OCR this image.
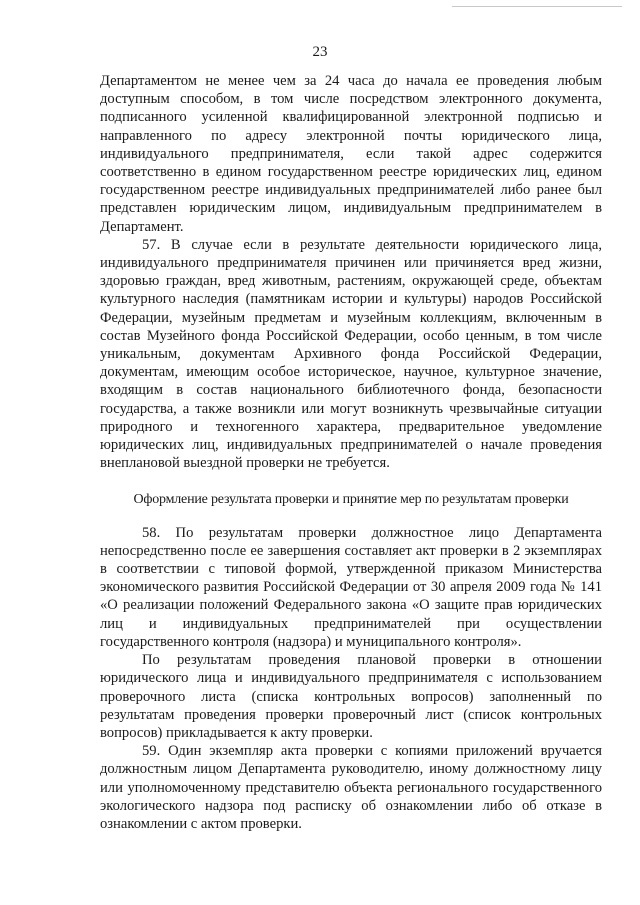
23

Департаментом не менее чем за 24 часа до начала ее проведения любым доступным способом, в том числе посредством электронного документа, подписанного усиленной квалифицированной электронной подписью и направленного по адресу электронной почты юридического лица, индивидуального предпринимателя, если такой адрес содержится соответственно в едином государственном реестре юридических лиц, едином государственном реестре индивидуальных предпринимателей либо ранее был представлен юридическим лицом, индивидуальным предпринимателем в Департамент.

57. В случае если в результате деятельности юридического лица, индивидуального предпринимателя причинен или причиняется вред жизни, здоровью граждан, вред животным, растениям, окружающей среде, объектам культурного наследия (памятникам истории и культуры) народов Российской Федерации, музейным предметам и музейным коллекциям, включенным в состав Музейного фонда Российской Федерации, особо ценным, в том числе уникальным, документам Архивного фонда Российской Федерации, документам, имеющим особое историческое, научное, культурное значение, входящим в состав национального библиотечного фонда, безопасности государства, а также возникли или могут возникнуть чрезвычайные ситуации природного и техногенного характера, предварительное уведомление юридических лиц, индивидуальных предпринимателей о начале проведения внеплановой выездной проверки не требуется.

Оформление результата проверки и принятие мер по результатам проверки

58. По результатам проверки должностное лицо Департамента непосредственно после ее завершения составляет акт проверки в 2 экземплярах в соответствии с типовой формой, утвержденной приказом Министерства экономического развития Российской Федерации от 30 апреля 2009 года № 141 «О реализации положений Федерального закона «О защите прав юридических лиц и индивидуальных предпринимателей при осуществлении государственного контроля (надзора) и муниципального контроля».

По результатам проведения плановой проверки в отношении юридического лица и индивидуального предпринимателя с использованием проверочного листа (списка контрольных вопросов) заполненный по результатам проведения проверки проверочный лист (список контрольных вопросов) прикладывается к акту проверки.

59. Один экземпляр акта проверки с копиями приложений вручается должностным лицом Департамента руководителю, иному должностному лицу или уполномоченному представителю объекта регионального государственного экологического надзора под расписку об ознакомлении либо об отказе в ознакомлении с актом проверки.
